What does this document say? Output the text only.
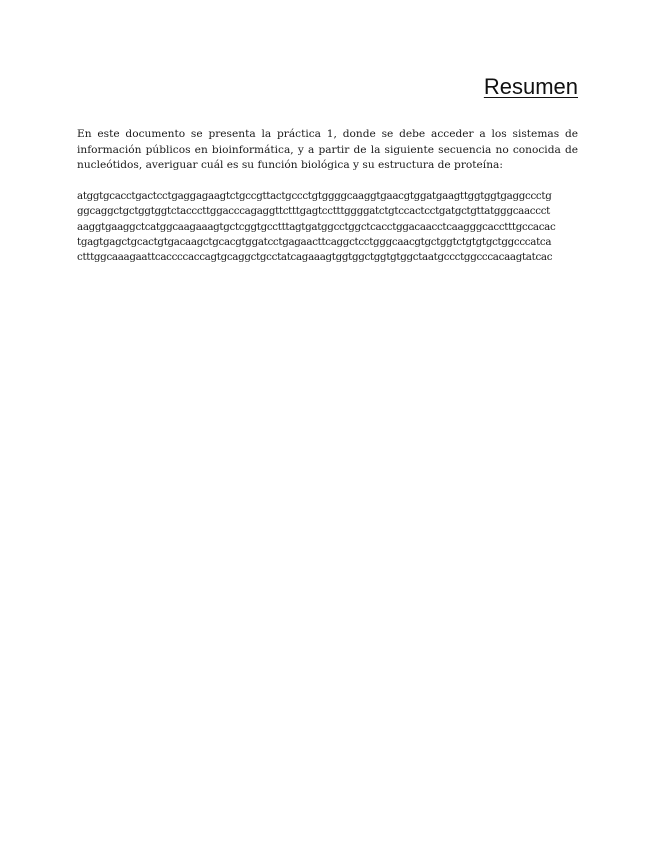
Resumen

En este documento se presenta la práctica 1, donde se debe acceder a los sistemas de información públicos en bioinformática, y a partir de la siguiente secuencia no conocida de nucleótidos, averiguar cuál es su función biológica y su estructura de proteína:

atggtgcacctgactcctgaggagaagtctgccgttactgccctgtggggcaaggtgaacgtggatgaagttggtggtgaggccctg
ggcaggctgctggtggtctacccttggacccagaggttctttgagtcctttggggatctgtccactcctgatgctgttatgggcaaccct
aaggtgaaggctcatggcaagaaagtgctcggtgcctttagtgatggcctggctcacctggacaacctcaagggcacctttgccacac
tgagtgagctgcactgtgacaagctgcacgtggatcctgagaacttcaggctcctgggcaacgtgctggtctgtgtgctggcccatca
ctttggcaaagaattcaccccaccagtgcaggctgcctatcagaaagtggtggctggtgtggctaatgccctggcccacaagtatcac
